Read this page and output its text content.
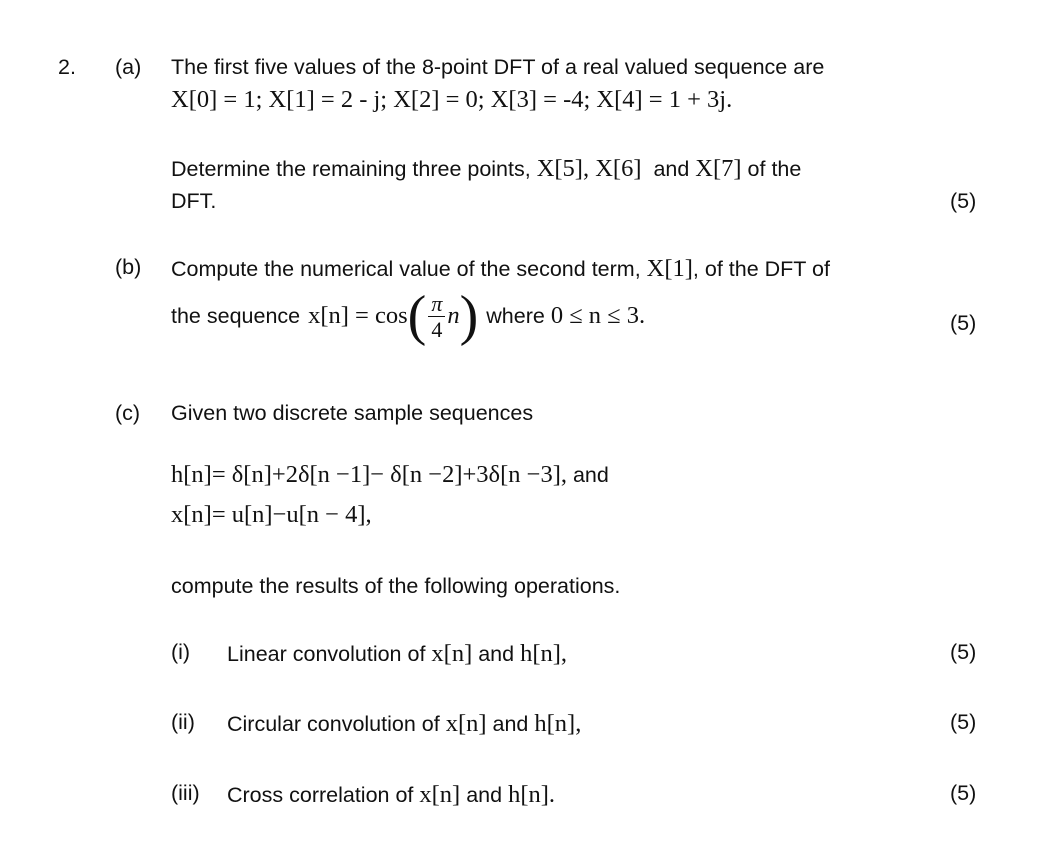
2. (a) The first five values of the 8-point DFT of a real valued sequence are
X[0] = 1; X[1] = 2 - j; X[2] = 0; X[3] = -4; X[4] = 1 + 3j.
Determine the remaining three points, X[5], X[6] and X[7] of the
DFT.	(5)
(b) Compute the numerical value of the second term, X[1], of the DFT of
the sequence x[n] = cos ( $\frac{\pi}{4}$ n ) where 0 ≤ n ≤ 3.	(5)
(c) Given two discrete sample sequences
h[n]= δ[n]+2δ[n −1]− δ[n −2]+3δ[n −3], and
x[n]= u[n]−u[n − 4],
compute the results of the following operations.
(i) Linear convolution of x[n] and h[n],	(5)
(ii) Circular convolution of x[n] and h[n],	(5)
(iii) Cross correlation of x[n] and h[n].	(5)
